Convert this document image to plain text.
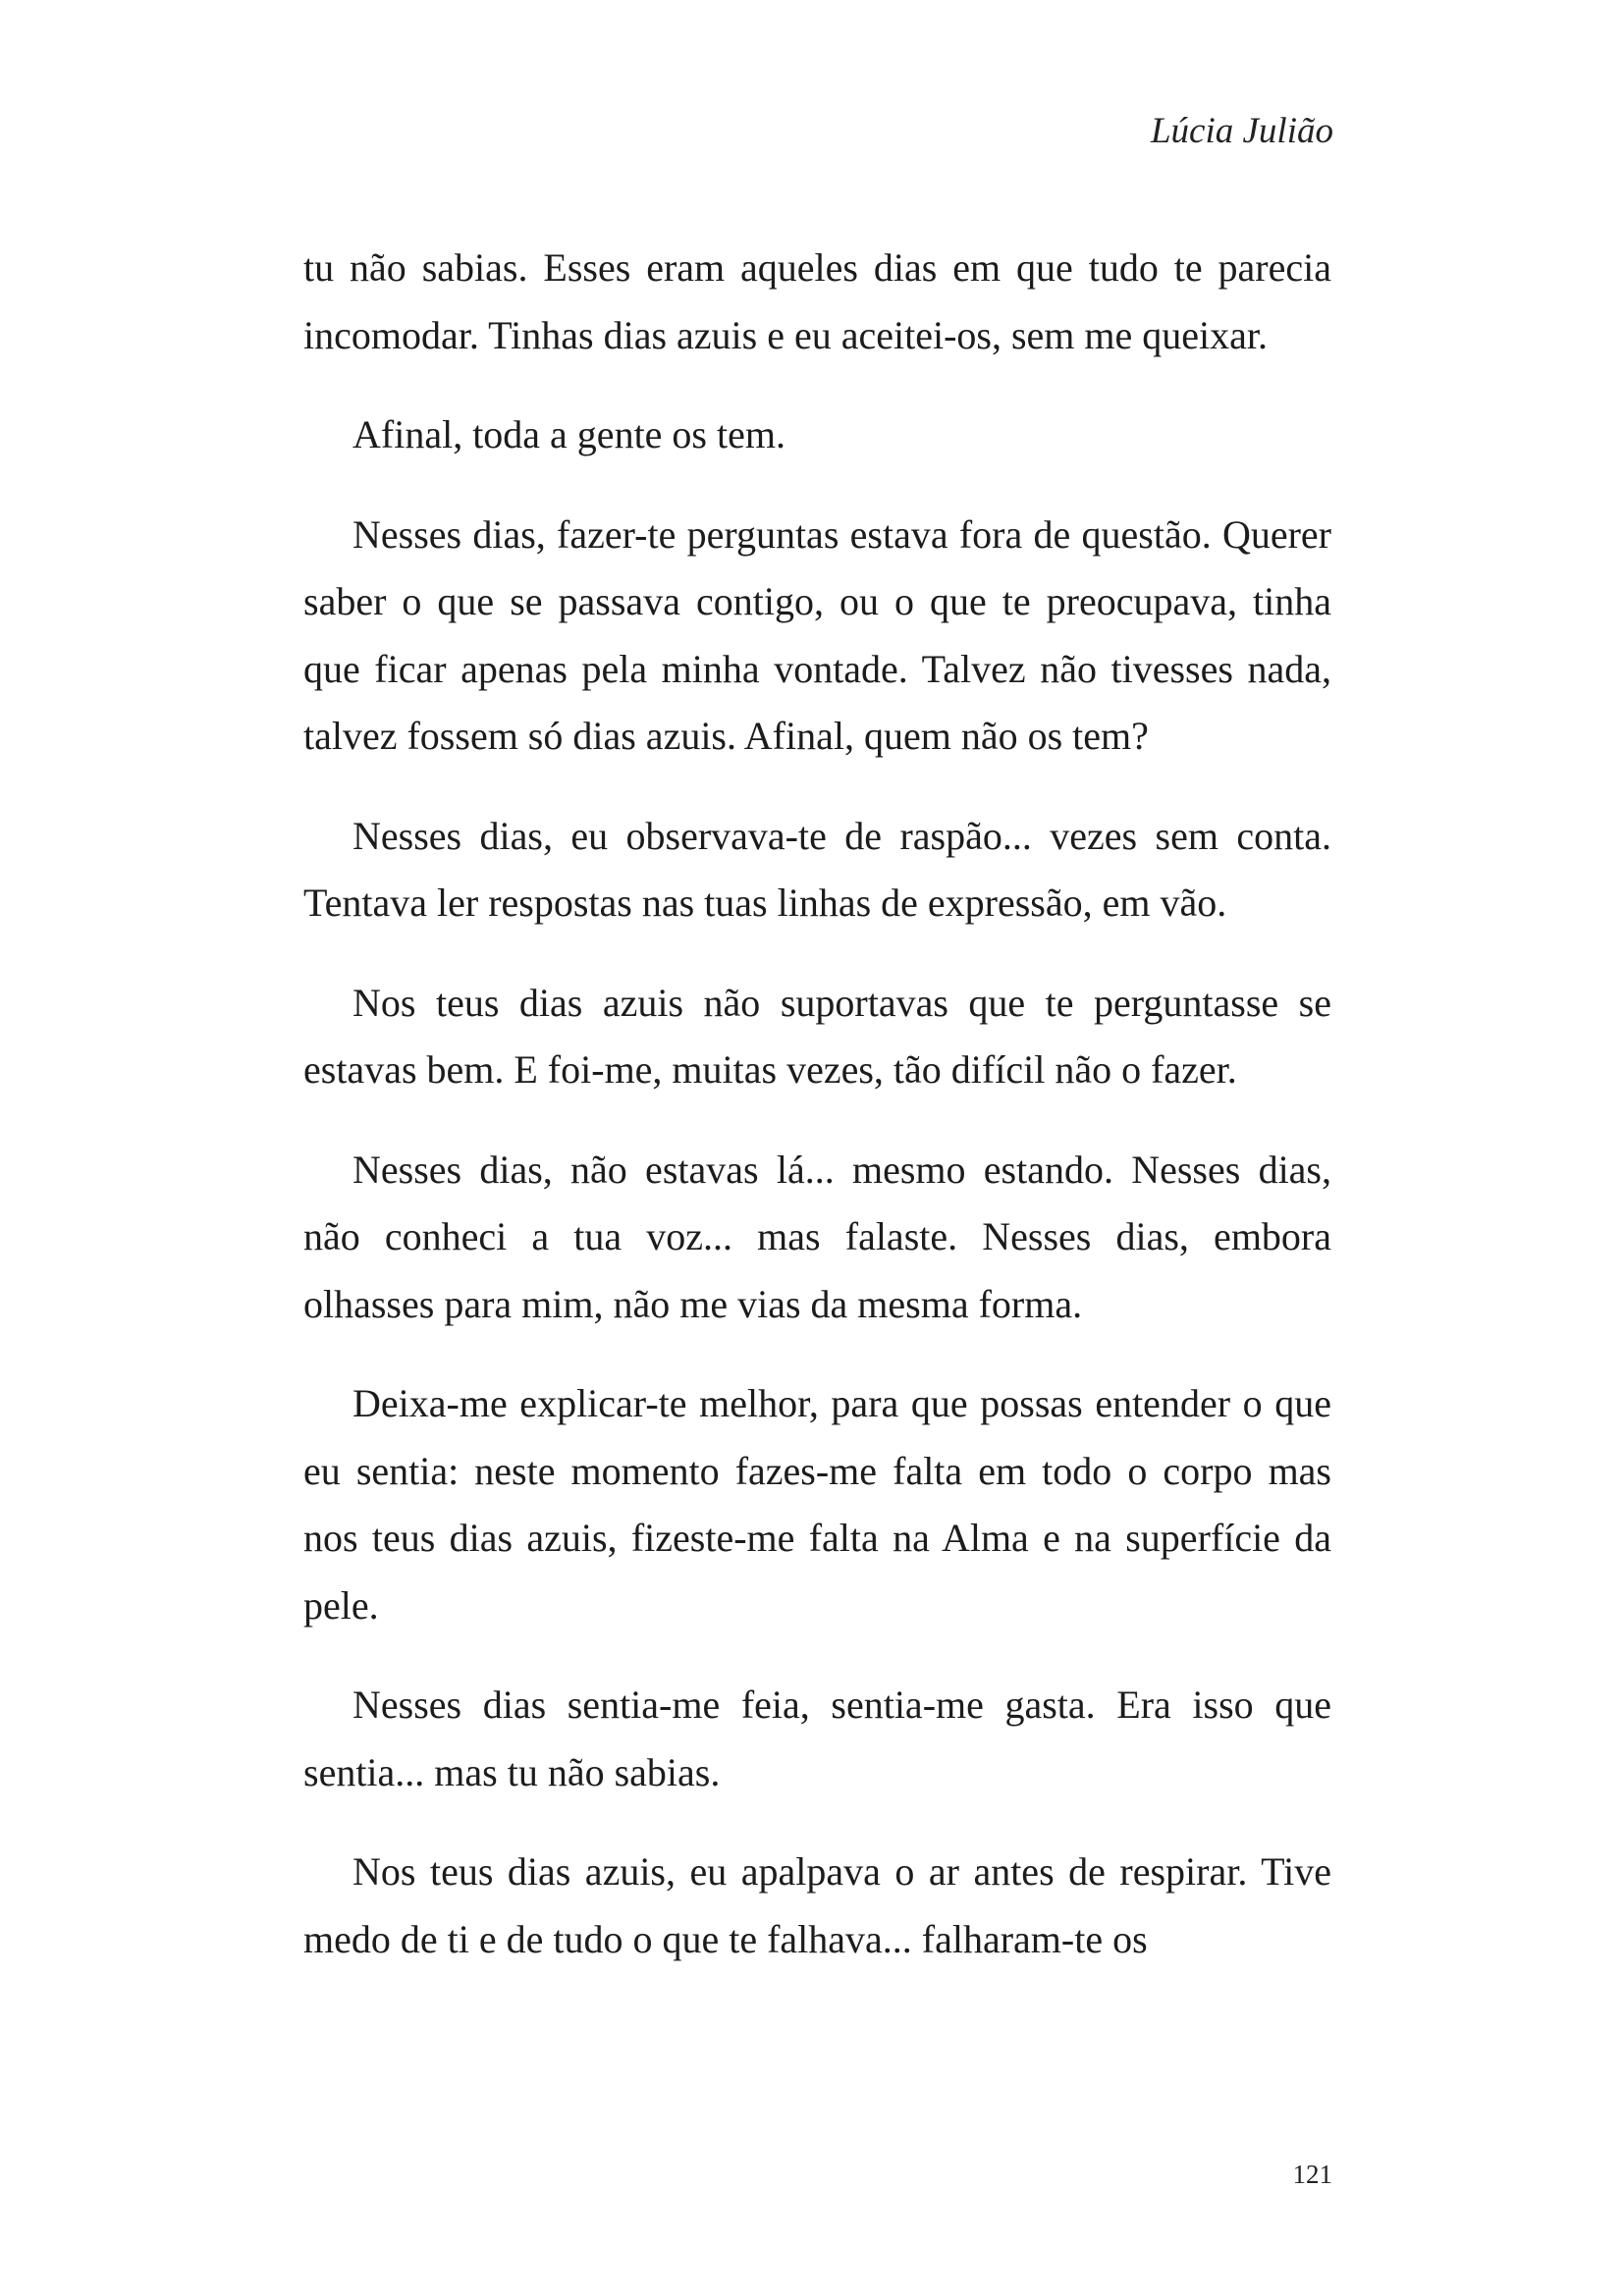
Lúcia Julião

tu não sabias. Esses eram aqueles dias em que tudo te parecia incomodar. Tinhas dias azuis e eu aceitei-os, sem me queixar.

Afinal, toda a gente os tem.

Nesses dias, fazer-te perguntas estava fora de questão. Querer saber o que se passava contigo, ou o que te preocupava, tinha que ficar apenas pela minha vontade. Talvez não tivesses nada, talvez fossem só dias azuis. Afinal, quem não os tem?

Nesses dias, eu observava-te de raspão... vezes sem conta. Tentava ler respostas nas tuas linhas de expressão, em vão.

Nos teus dias azuis não suportavas que te perguntasse se estavas bem. E foi-me, muitas vezes, tão difícil não o fazer.

Nesses dias, não estavas lá... mesmo estando. Nesses dias, não conheci a tua voz... mas falaste. Nesses dias, embora olhasses para mim, não me vias da mesma forma.

Deixa-me explicar-te melhor, para que possas entender o que eu sentia: neste momento fazes-me falta em todo o corpo mas nos teus dias azuis, fizeste-me falta na Alma e na superfície da pele.

Nesses dias sentia-me feia, sentia-me gasta. Era isso que sentia... mas tu não sabias.

Nos teus dias azuis, eu apalpava o ar antes de respirar. Tive medo de ti e de tudo o que te falhava... falharam-te os

121
